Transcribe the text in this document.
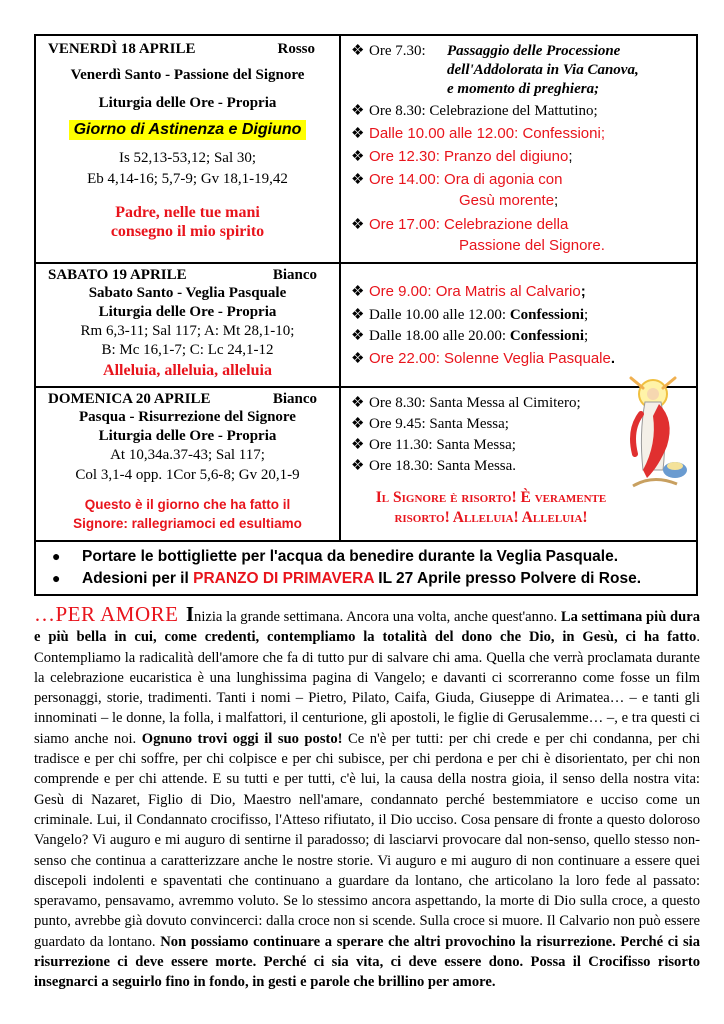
VENERDÌ 18 APRILE	Rosso
Venerdì Santo - Passione del Signore
Liturgia delle Ore - Propria
Giorno di Astinenza e Digiuno
Is 52,13-53,12; Sal 30;
Eb 4,14-16; 5,7-9; Gv 18,1-19,42
Padre, nelle tue mani
consegno il mio spirito
❖ Ore 7.30: Passaggio delle Procession​e
dell'Addolorata in Via Canova,
e momento di preghiera;
❖ Ore 8.30: Celebrazione del Mattutino;
❖ Dalle 10.00 alle 12.00: Confessioni;
❖ Ore 12.30: Pranzo del digiuno;
❖ Ore 14.00: Ora di agonia con
Gesù morente;
❖ Ore 17.00: Celebrazione della
Passione del Signore.
SABATO 19 APRILE	Bianco
Sabato Santo - Veglia Pasquale
Liturgia delle Ore - Propria
Rm 6,3-11; Sal 117; A: Mt 28,1-10;
B: Mc 16,1-7; C: Lc 24,1-12
Alleluia, alleluia, alleluia
❖ Ore 9.00: Ora Matris al Calvario;
❖ Dalle 10.00 alle 12.00: Confessioni;
❖ Dalle 18.00 alle 20.00: Confessioni;
❖ Ore 22.00: Solenne Veglia Pasquale.
DOMENICA 20 APRILE	Bianco
Pasqua - Risurrezione del Signore
Liturgia delle Ore - Propria
At 10,34a.37-43; Sal 117;
Col 3,1-4 opp. 1Cor 5,6-8; Gv 20,1-9
Questo è il giorno che ha fatto il
Signore: rallegriamoci ed esultiamo
❖ Ore 8.30: Santa Messa al Cimitero;
❖ Ore 9.45: Santa Messa;
❖ Ore 11.30: Santa Messa;
❖ Ore 18.30: Santa Messa.
Il Signore è risorto! È veramente
risorto! Alleluia! Alleluia!
● Portare le bottigliette per l'acqua da benedire durante la Veglia Pasquale.
● Adesioni per il PRANZO DI PRIMAVERA IL 27 Aprile presso Polvere di Rose.
…PER AMORE Inizia la grande settimana. Ancora una volta, anche quest'anno. La settimana più dura e più bella in cui, come credenti, contempliamo la totalità del dono che Dio, in Gesù, ci ha fatto. Contempliamo la radicalità dell'amore che fa di tutto pur di salvare chi ama. Quella che verrà proclamata durante la celebrazione eucaristica è una lunghissima pagina di Vangelo; e davanti ci scorreranno come fosse un film personaggi, storie, tradimenti. Tanti i nomi – Pietro, Pilato, Caifa, Giuda, Giuseppe di Arimatea… – e tanti gli innominati – le donne, la folla, i malfattori, il centurione, gli apostoli, le figlie di Gerusalemme… –, e tra questi ci siamo anche noi. Ognuno trovi oggi il suo posto! Ce n'è per tutti: per chi crede e per chi condanna, per chi tradisce e per chi soffre, per chi colpisce e per chi subisce, per chi perdona e per chi è disorientato, per chi non comprende e per chi attende. E su tutti e per tutti, c'è lui, la causa della nostra gioia, il senso della nostra vita: Gesù di Nazaret, Figlio di Dio, Maestro nell'amare, condannato perché bestemmiatore e ucciso come un criminale. Lui, il Condannato crocifisso, l'Atteso rifiutato, il Dio ucciso. Cosa pensare di fronte a questo doloroso Vangelo? Vi auguro e mi auguro di sentirne il paradosso; di lasciarvi provocare dal non-senso, quello stesso non-senso che continua a caratterizzare anche le nostre storie. Vi auguro e mi auguro di non continuare a essere quei discepoli indolenti e spaventati che continuano a guardare da lontano, che articolano la loro fede al passato: speravamo, pensavamo, avremmo voluto. Se lo stessimo ancora aspettando, la morte di Dio sulla croce, a questo punto, avrebbe già dovuto convincerci: dalla croce non si scende. Sulla croce si muore. Il Calvario non può essere guardato da lontano. Non possiamo continuare a sperare che altri provochino la risurrezione. Perché ci sia risurrezione ci deve essere morte. Perché ci sia vita, ci deve essere dono. Possa il Crocifisso risorto insegnarci a seguirlo fino in fondo, in gesti e parole che brillino per amore.
